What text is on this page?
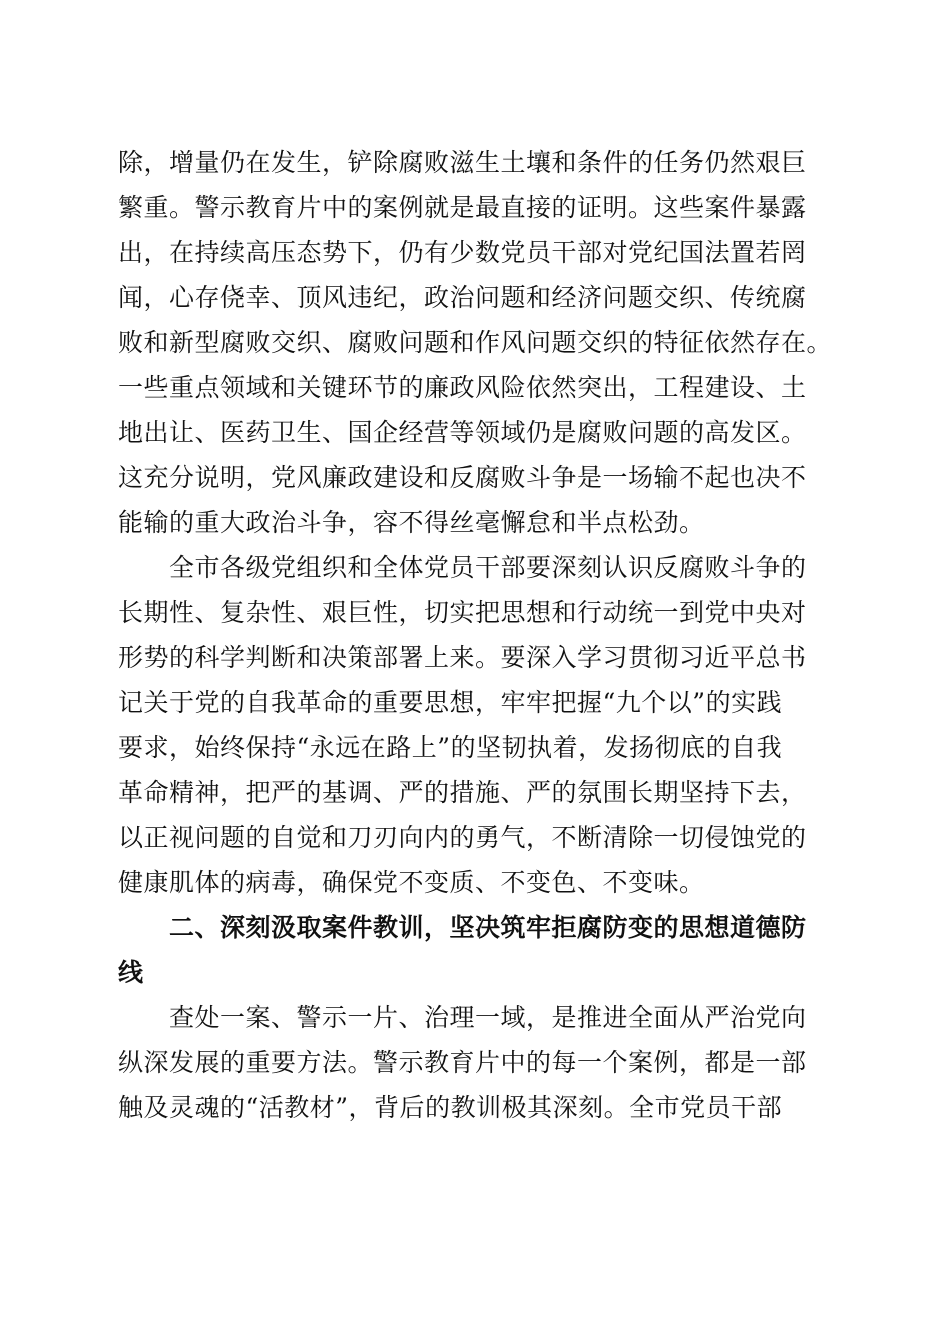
除，增量仍在发生，铲除腐败滋生土壤和条件的任务仍然艰巨
繁重。警示教育片中的案例就是最直接的证明。这些案件暴露
出，在持续高压态势下，仍有少数党员干部对党纪国法置若罔
闻，心存侥幸、顶风违纪，政治问题和经济问题交织、传统腐
败和新型腐败交织、腐败问题和作风问题交织的特征依然存在。
一些重点领域和关键环节的廉政风险依然突出，工程建设、土
地出让、医药卫生、国企经营等领域仍是腐败问题的高发区。
这充分说明，党风廉政建设和反腐败斗争是一场输不起也决不
能输的重大政治斗争，容不得丝毫懈怠和半点松劲。
　　全市各级党组织和全体党员干部要深刻认识反腐败斗争的
长期性、复杂性、艰巨性，切实把思想和行动统一到党中央对
形势的科学判断和决策部署上来。要深入学习贯彻习近平总书
记关于党的自我革命的重要思想，牢牢把握“九个以”的实践
要求，始终保持“永远在路上”的坚韧执着，发扬彻底的自我
革命精神，把严的基调、严的措施、严的氛围长期坚持下去，
以正视问题的自觉和刀刃向内的勇气，不断清除一切侵蚀党的
健康肌体的病毒，确保党不变质、不变色、不变味。
　　二、深刻汲取案件教训，坚决筑牢拒腐防变的思想道德防
线
　　查处一案、警示一片、治理一域，是推进全面从严治党向
纵深发展的重要方法。警示教育片中的每一个案例，都是一部
触及灵魂的“活教材”，背后的教训极其深刻。全市党员干部
